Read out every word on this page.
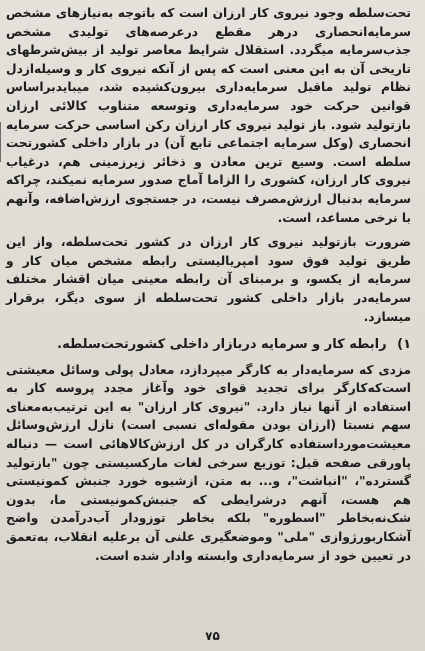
تحت‌سلطه وجود نیروی کار ارزان است که باتوجه به‌نیازهای مشخص سرمایه‌انحصاری درهر مقطع درعرصه‌های تولیدی مشخص جذب‌سرمایه میگردد. استقلال شرایط معاصر تولید از بیش‌شرطهای تاریخی آن به این معنی است که پس از آنکه نیروی کار و وسیله‌ازدل نظام تولید ماقبل سرمایه‌داری بیرون‌کشیده شد، میبایدبراساس قوانین حرکت خود سرمایه‌داری وتوسعه متناوب کالائی ارزان بازتولید شود. باز تولید نیروی کار ارزان رکن اساسی حرکت سرمایه انحصاری (وکل سرمایه اجتماعی تابع آن) در بازار داخلی کشورتحت سلطه است. وسیع ترین معادن و ذخائر زیرزمینی هم، درغیاب نیروی کار ارزان، کشوری را الزاما آماج صدور سرمایه نمیکند، چراکه سرمایه بدنبال ارزش‌مصرف نیست، در جستجوی ارزش‌اضافه، وآنهم با نرخی مساعد، است.

ضرورت بازتولید نیروی کار ارزان در کشور تحت‌سلطه، واز این طریق تولید فوق سود امپریالیستی رابطه مشخص میان کار و سرمایه از یکسو، و برمبنای آن رابطه معینی میان اقشار مختلف سرمایه‌در بازار داخلی کشور تحت‌سلطه از سوی دیگر، برقرار میسازد.

۱) رابطه کار و سرمایه دربازار داخلی کشورتحت‌سلطه.

مزدی که سرمایه‌دار به کارگر میپردازد، معادل پولی وسائل معیشتی است‌که‌کارگر برای تجدید قوای خود وآغاز مجدد پروسه کار به استفاده از آنها نیاز دارد. "نیروی کار ارزان" به این ترتیب‌به‌معنای سهم نسبتا (ارزان بودن مقوله‌ای نسبی است) نازل ارزش‌وسائل معیشت‌مورداستفاده کارگران در کل ارزش‌کالاهائی است — دنباله پاورقی صفحه قبل: توزیع سرخی لغات مارکسیستی چون "بازتولید گسترده"، "انباشت"، و... به متن، ازشیوه خورد جنبش کمونیستی هم هست، آنهم درشرایطی که جنبش‌کمونیستی ما، بدون شک‌نه‌بخاطر "اسطوره" بلکه بخاطر توزودار آب‌درآمدن واضح آشکاربورژوازی "ملی" وموضعگیری علنی آن برعلیه انقلاب، به‌تعمق در تعیین خود از سرمایه‌داری وابسته وادار شده است.

۷۵
